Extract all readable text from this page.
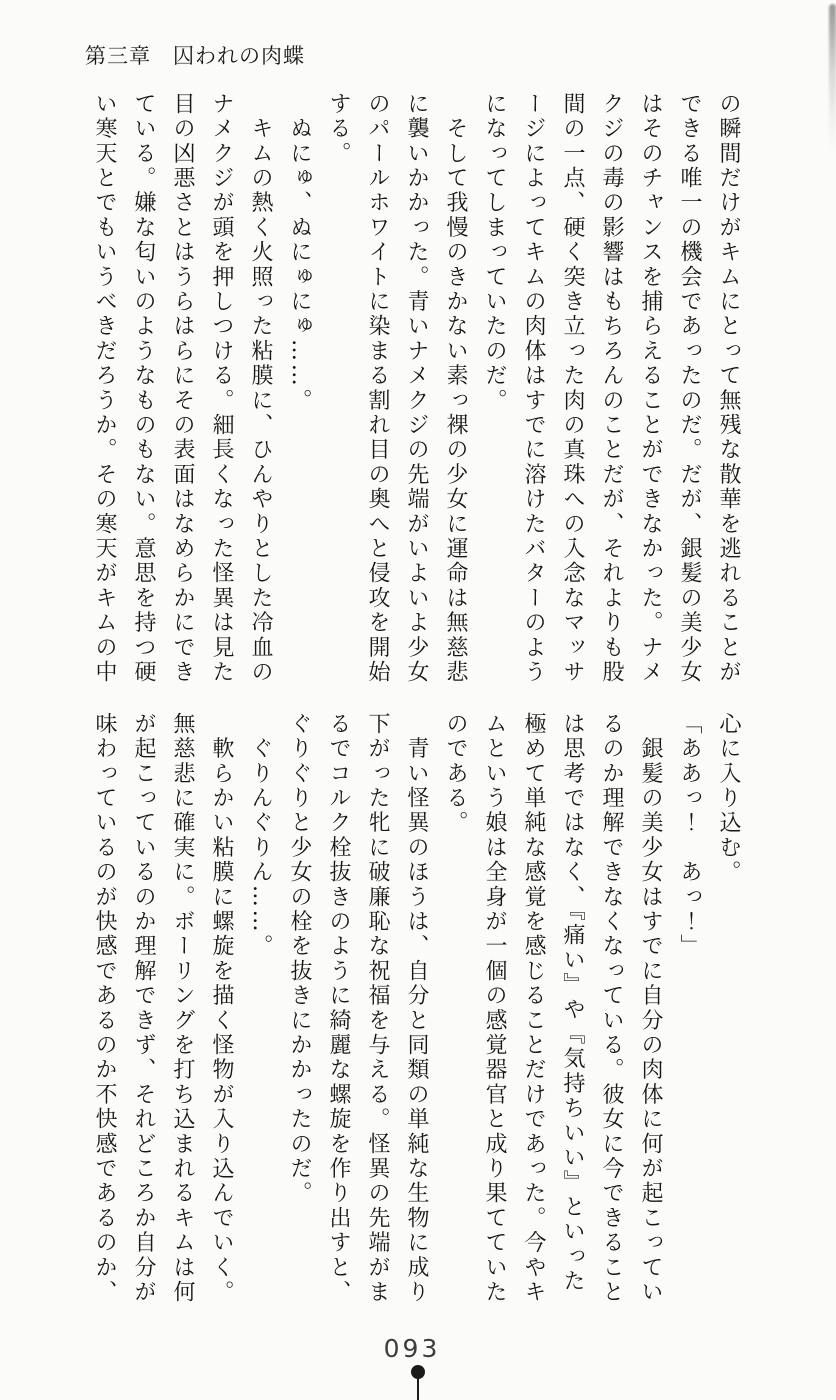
第三章　囚われの肉蝶

の瞬間だけがキムにとって無残な散華を逃れることができる唯一の機会であったのだ。だが、銀髪の美少女はそのチャンスを捕らえることができなかった。ナメクジの毒の影響はもちろんのことだが、それよりも股間の一点、硬く突き立った肉の真珠への入念なマッサージによってキムの肉体はすでに溶けたバターのようになってしまっていたのだ。

　そして我慢のきかない素っ裸の少女に運命は無慈悲に襲いかかった。青いナメクジの先端がいよいよ少女のパールホワイトに染まる割れ目の奥へと侵攻を開始する。

　ぬにゅ、ぬにゅにゅ……。

　キムの熱く火照った粘膜に、ひんやりとした冷血のナメクジが頭を押しつける。細長くなった怪異は見た目の凶悪さとはうらはらにその表面はなめらかにできている。嫌な匂いのようなものもない。意思を持つ硬い寒天とでもいうべきだろうか。その寒天がキムの中

心に入り込む。

「ああっ！　あっ！」

　銀髪の美少女はすでに自分の肉体に何が起こっているのか理解できなくなっている。彼女に今できることは思考ではなく、『痛い』や『気持ちいい』といった極めて単純な感覚を感じることだけであった。今やキムという娘は全身が一個の感覚器官と成り果てていたのである。

　青い怪異のほうは、自分と同類の単純な生物に成り下がった牝に破廉恥な祝福を与える。怪異の先端がまるでコルク栓抜きのように綺麗な螺旋を作り出すと、ぐりぐりと少女の栓を抜きにかかったのだ。

　ぐりんぐりん……。

　軟らかい粘膜に螺旋を描く怪物が入り込んでいく。無慈悲に確実に。ボーリングを打ち込まれるキムは何が起こっているのか理解できず、それどころか自分が味わっているのが快感であるのか不快感であるのか、

093
